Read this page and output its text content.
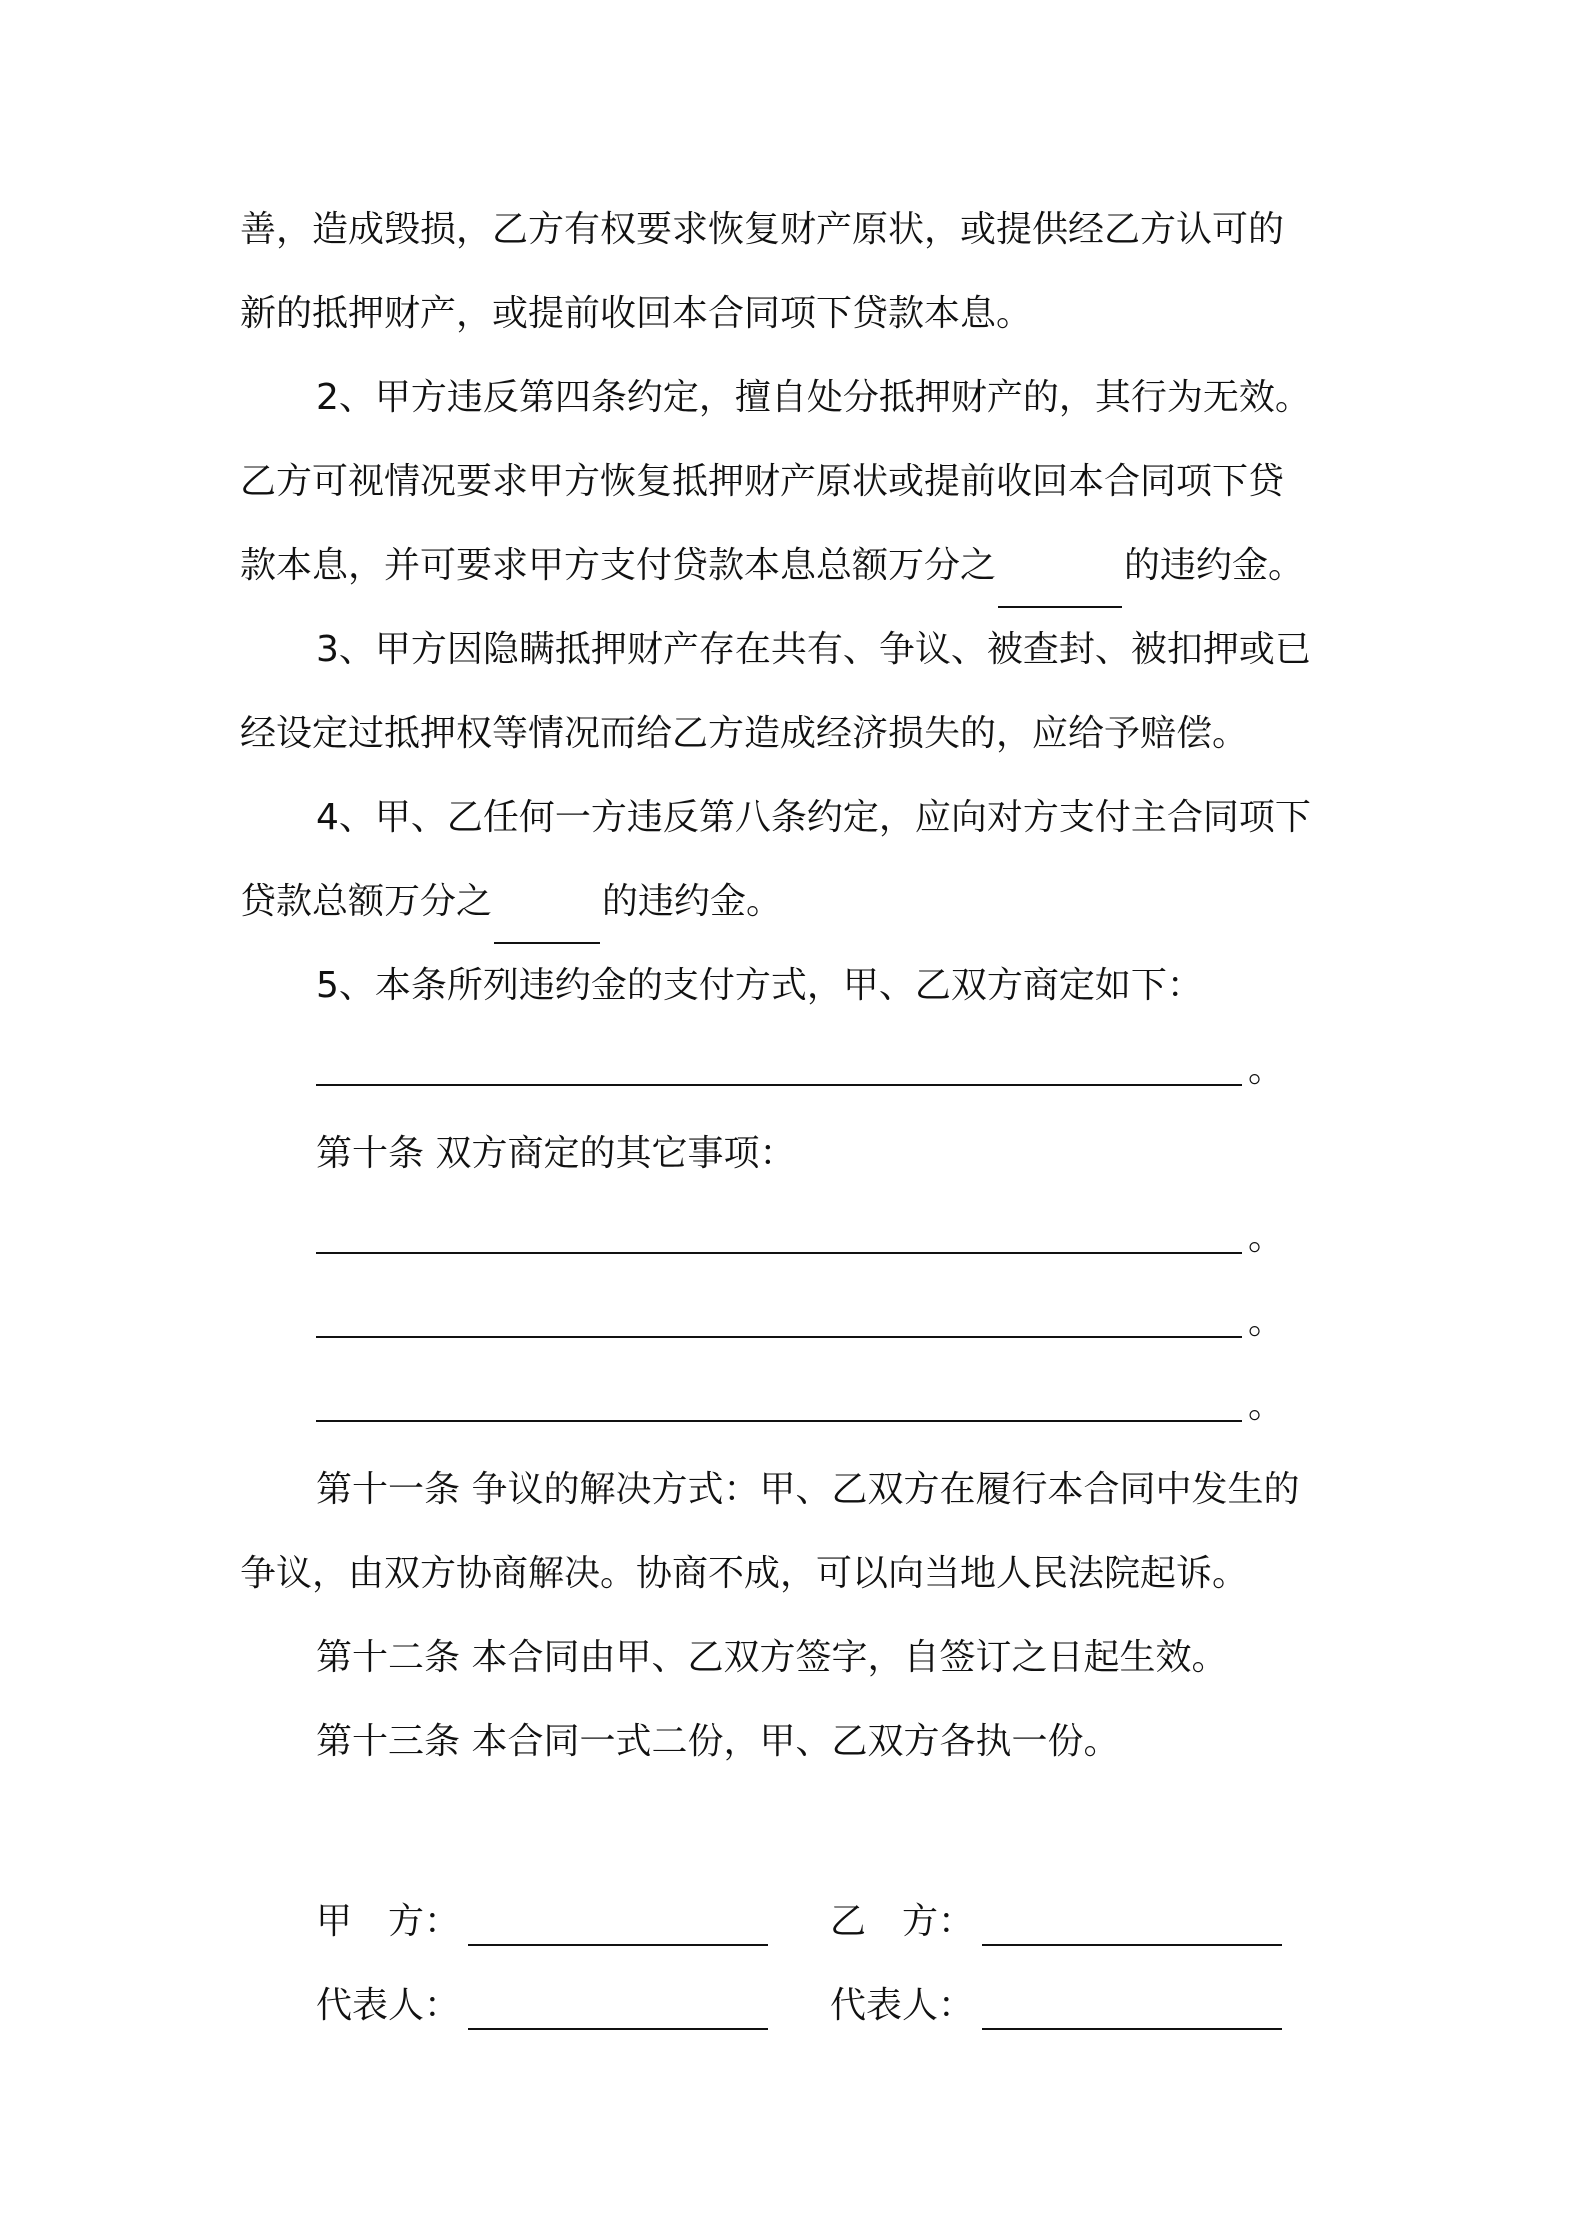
善，造成毁损，乙方有权要求恢复财产原状，或提供经乙方认可的
新的抵押财产，或提前收回本合同项下贷款本息。
2、甲方违反第四条约定，擅自处分抵押财产的，其行为无效。
乙方可视情况要求甲方恢复抵押财产原状或提前收回本合同项下贷
款本息，并可要求甲方支付贷款本息总额万分之	的违约金。
3、甲方因隐瞒抵押财产存在共有、争议、被查封、被扣押或已
经设定过抵押权等情况而给乙方造成经济损失的，应给予赔偿。
4、甲、乙任何一方违反第八条约定，应向对方支付主合同项下
贷款总额万分之	的违约金。
5、本条所列违约金的支付方式，甲、乙双方商定如下：
。
第十条 双方商定的其它事项：
。
。
。
第十一条 争议的解决方式：甲、乙双方在履行本合同中发生的
争议，由双方协商解决。协商不成，可以向当地人民法院起诉。
第十二条 本合同由甲、乙双方签字，自签订之日起生效。
第十三条 本合同一式二份，甲、乙双方各执一份。
甲　方：	乙　方：
代表人：	代表人：
